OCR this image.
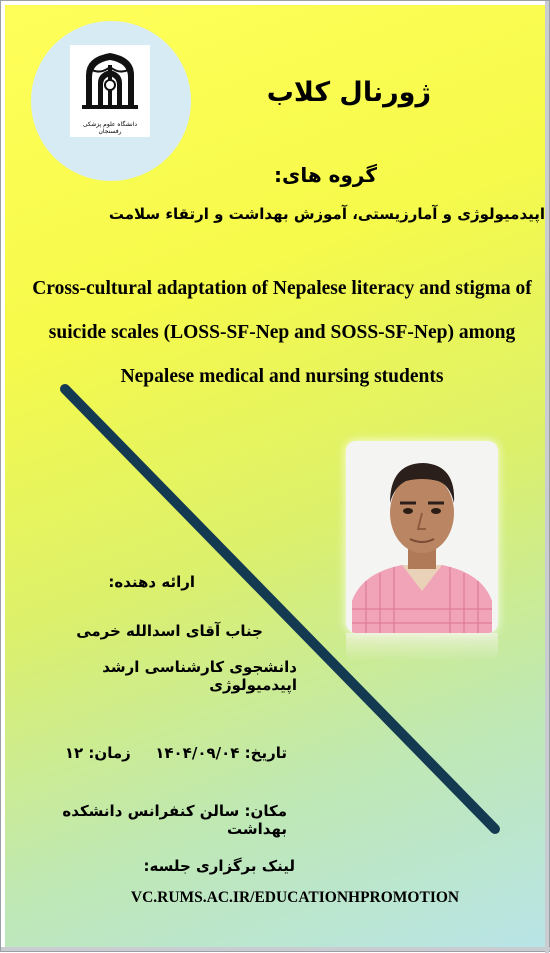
دانشگاه علوم پزشکی رفسنجان
ژورنال کلاب
گروه های:
اپیدمیولوژی و آمارزیستی، آموزش بهداشت و ارتقاء سلامت
Cross-cultural adaptation of Nepalese literacy and stigma of suicide scales (LOSS-SF-Nep and SOSS-SF-Nep) among Nepalese medical and nursing students
ارائه دهنده:
جناب آقای اسدالله خرمی
دانشجوی کارشناسی ارشد اپیدمیولوژی
تاریخ: ۱۴۰۴/۰۹/۰۴  زمان: ۱۲
مکان: سالن کنفرانس دانشکده بهداشت
لینک برگزاری جلسه:
VC.RUMS.AC.IR/EDUCATIONHPROMOTION
